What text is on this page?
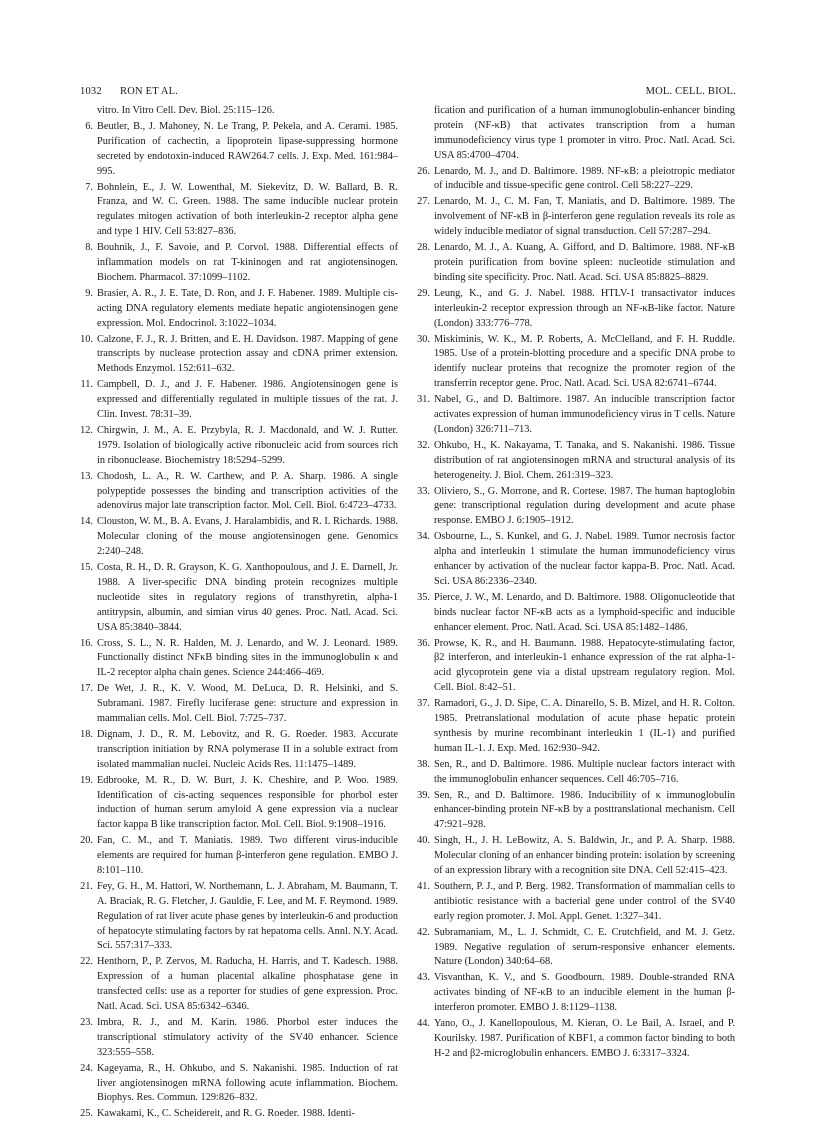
1032 RON ET AL.	MOL. CELL. BIOL.
vitro. In Vitro Cell. Dev. Biol. 25:115–126.

6. Beutler, B., J. Mahoney, N. Le Trang, P. Pekela, and A. Cerami. 1985. Purification of cachectin, a lipoprotein lipase-suppressing hormone secreted by endotoxin-induced RAW264.7 cells. J. Exp. Med. 161:984–995.

7. Bohnlein, E., J. W. Lowenthal, M. Siekevitz, D. W. Ballard, B. R. Franza, and W. C. Green. 1988. The same inducible nuclear protein regulates mitogen activation of both interleukin-2 receptor alpha gene and type 1 HIV. Cell 53:827–836.

8. Bouhnik, J., F. Savoie, and P. Corvol. 1988. Differential effects of inflammation models on rat T-kininogen and rat angiotensinogen. Biochem. Pharmacol. 37:1099–1102.

9. Brasier, A. R., J. E. Tate, D. Ron, and J. F. Habener. 1989. Multiple cis-acting DNA regulatory elements mediate hepatic angiotensinogen gene expression. Mol. Endocrinol. 3:1022–1034.

10. Calzone, F. J., R. J. Britten, and E. H. Davidson. 1987. Mapping of gene transcripts by nuclease protection assay and cDNA primer extension. Methods Enzymol. 152:611–632.

11. Campbell, D. J., and J. F. Habener. 1986. Angiotensinogen gene is expressed and differentially regulated in multiple tissues of the rat. J. Clin. Invest. 78:31–39.

12. Chirgwin, J. M., A. E. Przybyla, R. J. Macdonald, and W. J. Rutter. 1979. Isolation of biologically active ribonucleic acid from sources rich in ribonuclease. Biochemistry 18:5294–5299.

13. Chodosh, L. A., R. W. Carthew, and P. A. Sharp. 1986. A single polypeptide possesses the binding and transcription activities of the adenovirus major late transcription factor. Mol. Cell. Biol. 6:4723–4733.

14. Clouston, W. M., B. A. Evans, J. Haralambidis, and R. I. Richards. 1988. Molecular cloning of the mouse angiotensinogen gene. Genomics 2:240–248.

15. Costa, R. H., D. R. Grayson, K. G. Xanthopoulous, and J. E. Darnell, Jr. 1988. A liver-specific DNA binding protein recognizes multiple nucleotide sites in regulatory regions of transthyretin, alpha-1 antitrypsin, albumin, and simian virus 40 genes. Proc. Natl. Acad. Sci. USA 85:3840–3844.

16. Cross, S. L., N. R. Halden, M. J. Lenardo, and W. J. Leonard. 1989. Functionally distinct NFκB binding sites in the immunoglobulin κ and IL-2 receptor alpha chain genes. Science 244:466–469.

17. De Wet, J. R., K. V. Wood, M. DeLuca, D. R. Helsinki, and S. Subramani. 1987. Firefly luciferase gene: structure and expression in mammalian cells. Mol. Cell. Biol. 7:725–737.

18. Dignam, J. D., R. M. Lebovitz, and R. G. Roeder. 1983. Accurate transcription initiation by RNA polymerase II in a soluble extract from isolated mammalian nuclei. Nucleic Acids Res. 11:1475–1489.

19. Edbrooke, M. R., D. W. Burt, J. K. Cheshire, and P. Woo. 1989. Identification of cis-acting sequences responsible for phorbol ester induction of human serum amyloid A gene expression via a nuclear factor kappa B like transcription factor. Mol. Cell. Biol. 9:1908–1916.

20. Fan, C. M., and T. Maniatis. 1989. Two different virus-inducible elements are required for human β-interferon gene regulation. EMBO J. 8:101–110.

21. Fey, G. H., M. Hattori, W. Northemann, L. J. Abraham, M. Baumann, T. A. Braciak, R. G. Fletcher, J. Gauldie, F. Lee, and M. F. Reymond. 1989. Regulation of rat liver acute phase genes by interleukin-6 and production of hepatocyte stimulating factors by rat hepatoma cells. Annl. N.Y. Acad. Sci. 557:317–333.

22. Henthorn, P., P. Zervos, M. Raducha, H. Harris, and T. Kadesch. 1988. Expression of a human placental alkaline phosphatase gene in transfected cells: use as a reporter for studies of gene expression. Proc. Natl. Acad. Sci. USA 85:6342–6346.

23. Imbra, R. J., and M. Karin. 1986. Phorbol ester induces the transcriptional stimulatory activity of the SV40 enhancer. Science 323:555–558.

24. Kageyama, R., H. Ohkubo, and S. Nakanishi. 1985. Induction of rat liver angiotensinogen mRNA following acute inflammation. Biochem. Biophys. Res. Commun. 129:826–832.

25. Kawakami, K., C. Scheidereit, and R. G. Roeder. 1988. Identi-

fication and purification of a human immunoglobulin-enhancer binding protein (NF-κB) that activates transcription from a human immunodeficiency virus type 1 promoter in vitro. Proc. Natl. Acad. Sci. USA 85:4700–4704.

26. Lenardo, M. J., and D. Baltimore. 1989. NF-κB: a pleiotropic mediator of inducible and tissue-specific gene control. Cell 58:227–229.

27. Lenardo, M. J., C. M. Fan, T. Maniatis, and D. Baltimore. 1989. The involvement of NF-κB in β-interferon gene regulation reveals its role as widely inducible mediator of signal transduction. Cell 57:287–294.

28. Lenardo, M. J., A. Kuang, A. Gifford, and D. Baltimore. 1988. NF-κB protein purification from bovine spleen: nucleotide stimulation and binding site specificity. Proc. Natl. Acad. Sci. USA 85:8825–8829.

29. Leung, K., and G. J. Nabel. 1988. HTLV-1 transactivator induces interleukin-2 receptor expression through an NF-κB-like factor. Nature (London) 333:776–778.

30. Miskiminis, W. K., M. P. Roberts, A. McClelland, and F. H. Ruddle. 1985. Use of a protein-blotting procedure and a specific DNA probe to identify nuclear proteins that recognize the promoter region of the transferrin receptor gene. Proc. Natl. Acad. Sci. USA 82:6741–6744.

31. Nabel, G., and D. Baltimore. 1987. An inducible transcription factor activates expression of human immunodeficiency virus in T cells. Nature (London) 326:711–713.

32. Ohkubo, H., K. Nakayama, T. Tanaka, and S. Nakanishi. 1986. Tissue distribution of rat angiotensinogen mRNA and structural analysis of its heterogeneity. J. Biol. Chem. 261:319–323.

33. Oliviero, S., G. Morrone, and R. Cortese. 1987. The human haptoglobin gene: transcriptional regulation during development and acute phase response. EMBO J. 6:1905–1912.

34. Osbourne, L., S. Kunkel, and G. J. Nabel. 1989. Tumor necrosis factor alpha and interleukin 1 stimulate the human immunodeficiency virus enhancer by activation of the nuclear factor kappa-B. Proc. Natl. Acad. Sci. USA 86:2336–2340.

35. Pierce, J. W., M. Lenardo, and D. Baltimore. 1988. Oligonucleotide that binds nuclear factor NF-κB acts as a lymphoid-specific and inducible enhancer element. Proc. Natl. Acad. Sci. USA 85:1482–1486.

36. Prowse, K. R., and H. Baumann. 1988. Hepatocyte-stimulating factor, β2 interferon, and interleukin-1 enhance expression of the rat alpha-1-acid glycoprotein gene via a distal upstream regulatory region. Mol. Cell. Biol. 8:42–51.

37. Ramadori, G., J. D. Sipe, C. A. Dinarello, S. B. Mizel, and H. R. Colton. 1985. Pretranslational modulation of acute phase hepatic protein synthesis by murine recombinant interleukin 1 (IL-1) and purified human IL-1. J. Exp. Med. 162:930–942.

38. Sen, R., and D. Baltimore. 1986. Multiple nuclear factors interact with the immunoglobulin enhancer sequences. Cell 46:705–716.

39. Sen, R., and D. Baltimore. 1986. Inducibility of κ immunoglobulin enhancer-binding protein NF-κB by a posttranslational mechanism. Cell 47:921–928.

40. Singh, H., J. H. LeBowitz, A. S. Baldwin, Jr., and P. A. Sharp. 1988. Molecular cloning of an enhancer binding protein: isolation by screening of an expression library with a recognition site DNA. Cell 52:415–423.

41. Southern, P. J., and P. Berg. 1982. Transformation of mammalian cells to antibiotic resistance with a bacterial gene under control of the SV40 early region promoter. J. Mol. Appl. Genet. 1:327–341.

42. Subramaniam, M., L. J. Schmidt, C. E. Crutchfield, and M. J. Getz. 1989. Negative regulation of serum-responsive enhancer elements. Nature (London) 340:64–68.

43. Visvanthan, K. V., and S. Goodbourn. 1989. Double-stranded RNA activates binding of NF-κB to an inducible element in the human β-interferon promoter. EMBO J. 8:1129–1138.

44. Yano, O., J. Kanellopoulous, M. Kieran, O. Le Bail, A. Israel, and P. Kourilsky. 1987. Purification of KBF1, a common factor binding to both H-2 and β2-microglobulin enhancers. EMBO J. 6:3317–3324.
